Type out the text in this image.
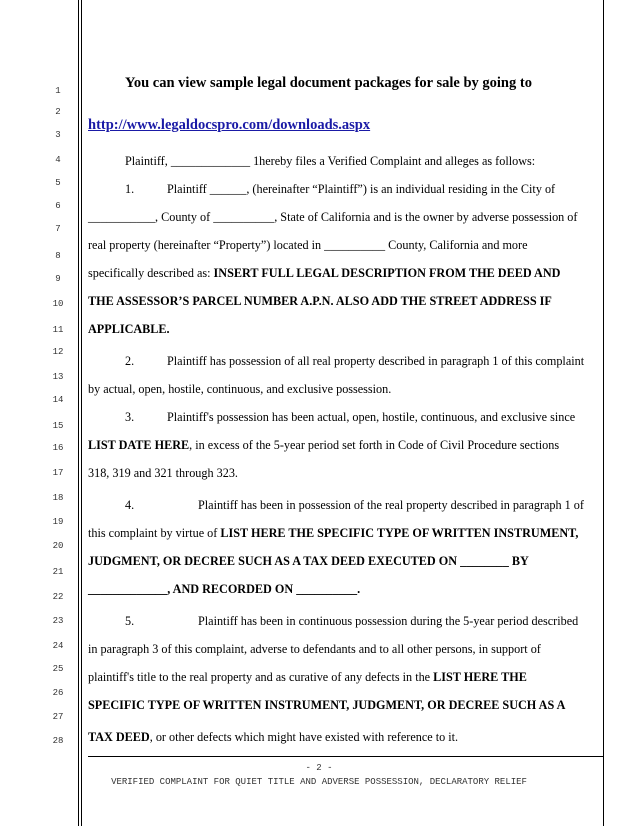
1
2
3
4
5
6
7
8
9
10
11
12
13
14
15
16
17
18
19
20
21
22
23
24
25
26
27
28
You can view sample legal document packages for sale by going to
http://www.legaldocspro.com/downloads.aspx
Plaintiff, _____________ 1hereby files a Verified Complaint and alleges as follows:
1.	Plaintiff ______, (hereinafter “Plaintiff”) is an individual residing in the City of
___________, County of __________, State of California and is the owner by adverse possession of
real property (hereinafter “Property”) located in __________ County, California and more
specifically described as: INSERT FULL LEGAL DESCRIPTION FROM THE DEED AND
THE ASSESSOR’S PARCEL NUMBER A.P.N. ALSO ADD THE STREET ADDRESS IF
APPLICABLE.
2.	Plaintiff has possession of all real property described in paragraph 1 of this complaint
by actual, open, hostile, continuous, and exclusive possession.
3.	Plaintiff's possession has been actual, open, hostile, continuous, and exclusive since
LIST DATE HERE, in excess of the 5-year period set forth in Code of Civil Procedure sections
318, 319 and 321 through 323.
4.	Plaintiff has been in possession of the real property described in paragraph 1 of
this complaint by virtue of LIST HERE THE SPECIFIC TYPE OF WRITTEN INSTRUMENT,
JUDGMENT, OR DECREE SUCH AS A TAX DEED EXECUTED ON ________ BY
_____________, AND RECORDED ON __________.
5.	Plaintiff has been in continuous possession during the 5-year period described
in paragraph 3 of this complaint, adverse to defendants and to all other persons, in support of
plaintiff's title to the real property and as curative of any defects in the LIST HERE THE
SPECIFIC TYPE OF WRITTEN INSTRUMENT, JUDGMENT, OR DECREE SUCH AS A
TAX DEED, or other defects which might have existed with reference to it.
- 2 -
VERIFIED COMPLAINT FOR QUIET TITLE AND ADVERSE POSSESSION, DECLARATORY RELIEF
